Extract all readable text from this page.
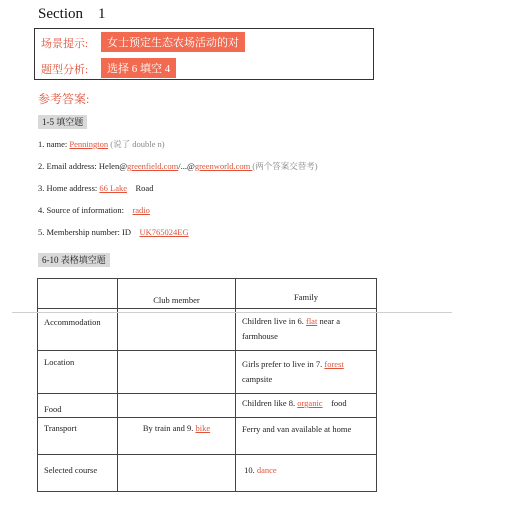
Section 1
场景提示:	女士预定生态农场活动的对
题型分析:	选择 6 填空 4
参考答案:
1-5 填空题
1. name: Pennington (说了 double n)
2. Email address: Helen@greenfield.com/...@greenworld.com (两个答案交替考)
3. Home address: 66 Lake    Road
4. Source of information:    radio
5. Membership number: ID    UK765024EG
6-10 表格填空题

	Club member	Family

Accommodation		Children live in 6. flat near a farmhouse

Location		Girls prefer to live in 7. forest campsite

Food		Children like 8. organic    food

Transport	By train and 9. bike	Ferry and van available at home

Selected course		10. dance
